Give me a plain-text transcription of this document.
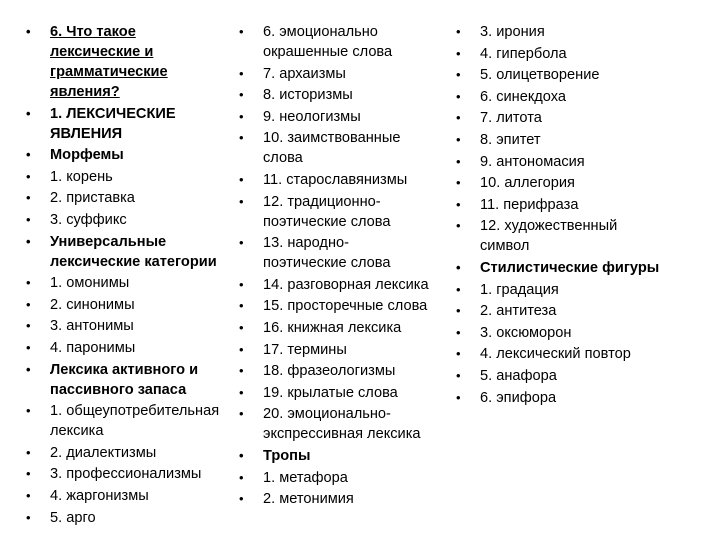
• 6. Что такое
лексические и
грамматические
явления?
• 1. ЛЕКСИЧЕСКИЕ
ЯВЛЕНИЯ
• Морфемы
• 1. корень
• 2. приставка
• 3. суффикс
• Универсальные
лексические категории
• 1. омонимы
• 2. синонимы
• 3. антонимы
• 4. паронимы
• Лексика активного и
пассивного запаса
• 1. общеупотребительная
лексика
• 2. диалектизмы
• 3. профессионализмы
• 4. жаргонизмы
• 5. арго
• 6. эмоционально
окрашенные слова
• 7. архаизмы
• 8. историзмы
• 9. неологизмы
• 10. заимствованные
слова
• 11. старославянизмы
• 12. традиционно-
поэтические слова
• 13. народно-
поэтические слова
• 14. разговорная лексика
• 15. просторечные слова
• 16. книжная лексика
• 17. термины
• 18. фразеологизмы
• 19. крылатые слова
• 20. эмоционально-
экспрессивная лексика
• Тропы
• 1. метафора
• 2. метонимия
• 3. ирония
• 4. гипербола
• 5. олицетворение
• 6. синекдоха
• 7. литота
• 8. эпитет
• 9. антономасия
• 10. аллегория
• 11. перифраза
• 12. художественный
символ
• Стилистические фигуры
• 1. градация
• 2. антитеза
• 3. оксюморон
• 4. лексический повтор
• 5. анафора
• 6. эпифора
